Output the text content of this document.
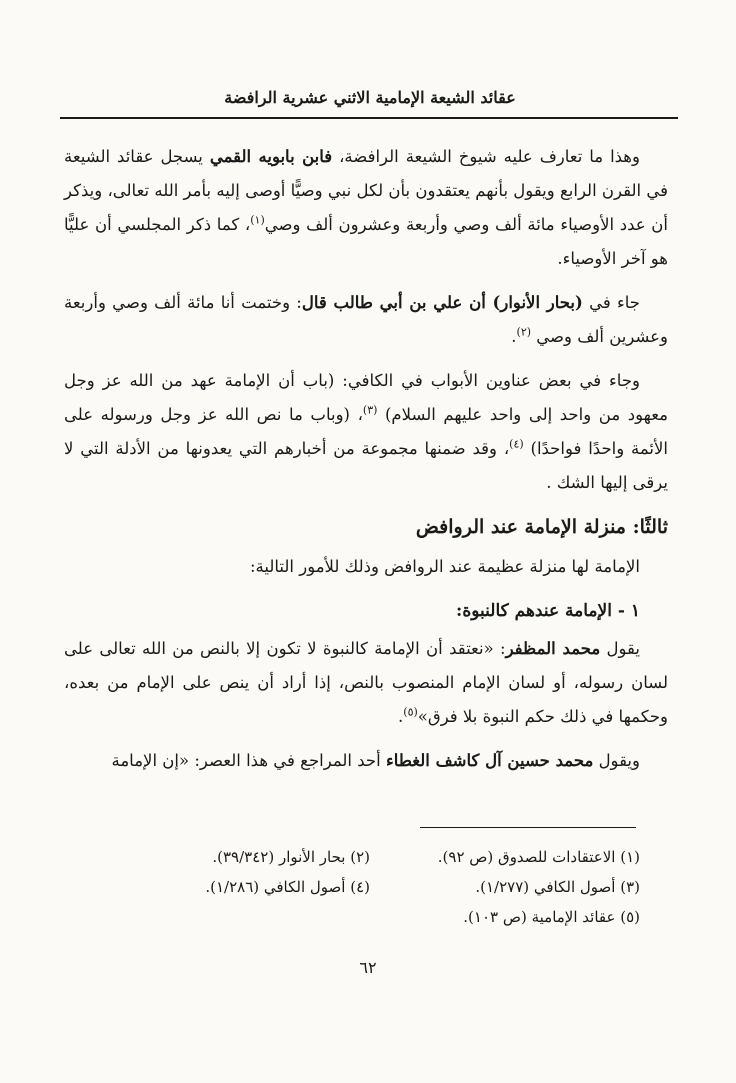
عقائد الشيعة الإمامية الاثني عشرية الرافضة

وهذا ما تعارف عليه شيوخ الشيعة الرافضة، فابن بابويه القمي يسجل عقائد الشيعة في القرن الرابع ويقول بأنهم يعتقدون بأن لكل نبي وصيًّا أوصى إليه بأمر الله تعالى، ويذكر أن عدد الأوصياء مائة ألف وصي وأربعة وعشرون ألف وصي$^{(١)}$، كما ذكر المجلسي أن عليًّا هو آخر الأوصياء.

جاء في (بحار الأنوار) أن علي بن أبي طالب قال: وختمت أنا مائة ألف وصي وأربعة وعشرين ألف وصي $^{(٢)}$.

وجاء في بعض عناوين الأبواب في الكافي: (باب أن الإمامة عهد من الله عز وجل معهود من واحد إلى واحد عليهم السلام) $^{(٣)}$، (وباب ما نص الله عز وجل ورسوله على الأئمة واحدًا فواحدًا) $^{(٤)}$، وقد ضمنها مجموعة من أخبارهم التي يعدونها من الأدلة التي لا يرقى إليها الشك .

ثالثًا: منزلة الإمامة عند الروافض

الإمامة لها منزلة عظيمة عند الروافض وذلك للأمور التالية:

١ - الإمامة عندهم كالنبوة:

يقول محمد المظفر: «نعتقد أن الإمامة كالنبوة لا تكون إلا بالنص من الله تعالى على لسان رسوله، أو لسان الإمام المنصوب بالنص، إذا أراد أن ينص على الإمام من بعده، وحكمها في ذلك حكم النبوة بلا فرق»$^{(٥)}$.

ويقول محمد حسين آل كاشف الغطاء أحد المراجع في هذا العصر: «إن الإمامة

(١) الاعتقادات للصدوق (ص ٩٢).
(٢) بحار الأنوار (٣٩/٣٤٢).
(٣) أصول الكافي (١/٢٧٧).
(٤) أصول الكافي (١/٢٨٦).
(٥) عقائد الإمامية (ص ١٠٣).
٦٢
